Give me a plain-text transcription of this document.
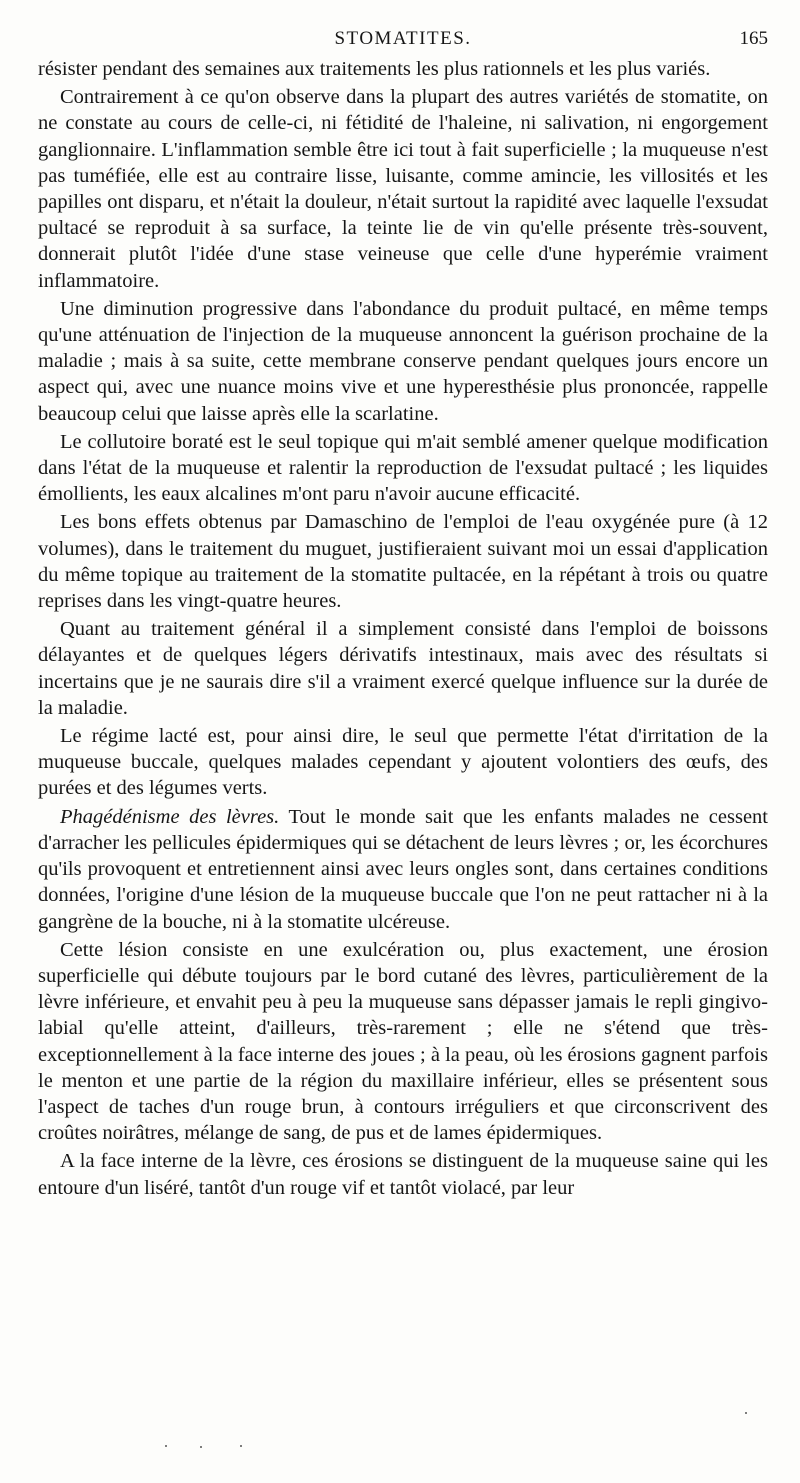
STOMATITES.	165

résister pendant des semaines aux traitements les plus rationnels et les plus variés.

Contrairement à ce qu'on observe dans la plupart des autres variétés de stomatite, on ne constate au cours de celle-ci, ni fétidité de l'haleine, ni salivation, ni engorgement ganglionnaire. L'inflammation semble être ici tout à fait superficielle ; la muqueuse n'est pas tuméfiée, elle est au contraire lisse, luisante, comme amincie, les villosités et les papilles ont disparu, et n'était la douleur, n'était surtout la rapidité avec laquelle l'exsudat pultacé se reproduit à sa surface, la teinte lie de vin qu'elle présente très-souvent, donnerait plutôt l'idée d'une stase veineuse que celle d'une hyperémie vraiment inflammatoire.

Une diminution progressive dans l'abondance du produit pultacé, en même temps qu'une atténuation de l'injection de la muqueuse annoncent la guérison prochaine de la maladie ; mais à sa suite, cette membrane conserve pendant quelques jours encore un aspect qui, avec une nuance moins vive et une hyperesthésie plus prononcée, rappelle beaucoup celui que laisse après elle la scarlatine.

Le collutoire boraté est le seul topique qui m'ait semblé amener quelque modification dans l'état de la muqueuse et ralentir la reproduction de l'exsudat pultacé ; les liquides émollients, les eaux alcalines m'ont paru n'avoir aucune efficacité.

Les bons effets obtenus par Damaschino de l'emploi de l'eau oxygénée pure (à 12 volumes), dans le traitement du muguet, justifieraient suivant moi un essai d'application du même topique au traitement de la stomatite pultacée, en la répétant à trois ou quatre reprises dans les vingt-quatre heures.

Quant au traitement général il a simplement consisté dans l'emploi de boissons délayantes et de quelques légers dérivatifs intestinaux, mais avec des résultats si incertains que je ne saurais dire s'il a vraiment exercé quelque influence sur la durée de la maladie.

Le régime lacté est, pour ainsi dire, le seul que permette l'état d'irritation de la muqueuse buccale, quelques malades cependant y ajoutent volontiers des œufs, des purées et des légumes verts.

Phagédénisme des lèvres. Tout le monde sait que les enfants malades ne cessent d'arracher les pellicules épidermiques qui se détachent de leurs lèvres ; or, les écorchures qu'ils provoquent et entretiennent ainsi avec leurs ongles sont, dans certaines conditions données, l'origine d'une lésion de la muqueuse buccale que l'on ne peut rattacher ni à la gangrène de la bouche, ni à la stomatite ulcéreuse.

Cette lésion consiste en une exulcération ou, plus exactement, une érosion superficielle qui débute toujours par le bord cutané des lèvres, particulièrement de la lèvre inférieure, et envahit peu à peu la muqueuse sans dépasser jamais le repli gingivo-labial qu'elle atteint, d'ailleurs, très-rarement ; elle ne s'étend que très-exceptionnellement à la face interne des joues ; à la peau, où les érosions gagnent parfois le menton et une partie de la région du maxillaire inférieur, elles se présentent sous l'aspect de taches d'un rouge brun, à contours irréguliers et que circonscrivent des croûtes noirâtres, mélange de sang, de pus et de lames épidermiques.

A la face interne de la lèvre, ces érosions se distinguent de la muqueuse saine qui les entoure d'un liséré, tantôt d'un rouge vif et tantôt violacé, par leur
